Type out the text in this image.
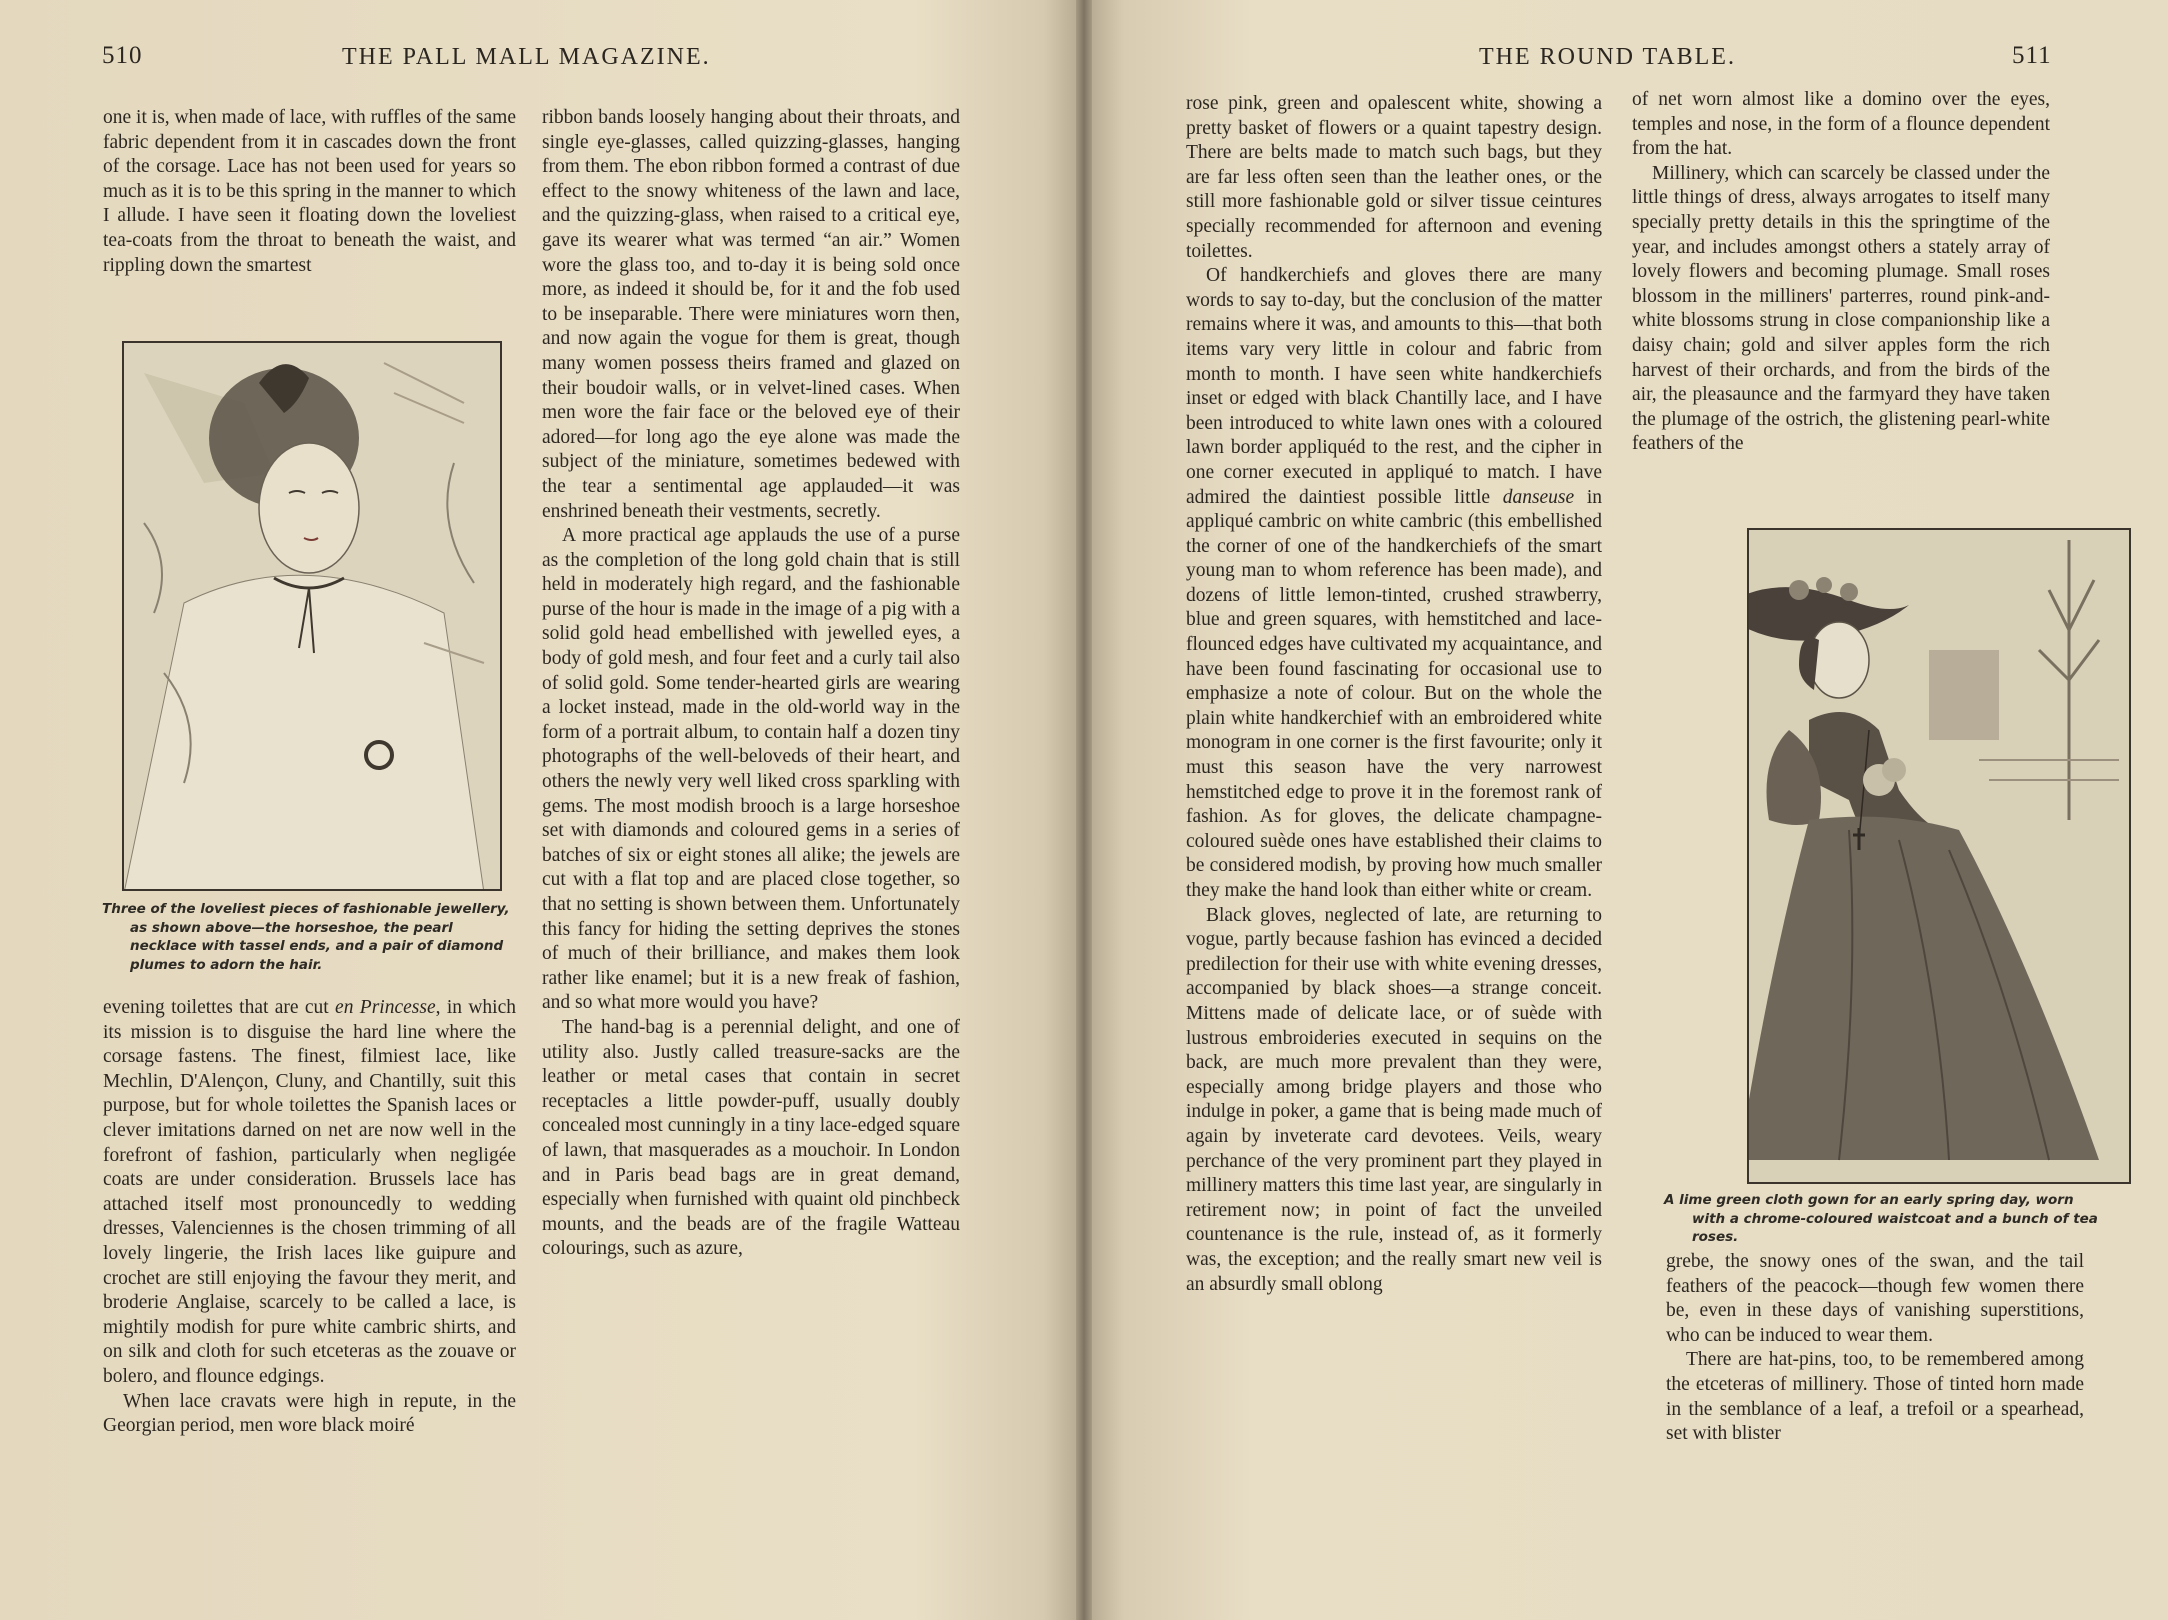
510	THE PALL MALL MAGAZINE.

one it is, when made of lace, with ruffles of the same fabric dependent from it in cascades down the front of the corsage. Lace has not been used for years so much as it is to be this spring in the manner to which I allude. I have seen it floating down the loveliest tea-coats from the throat to beneath the waist, and rippling down the smartest

Three of the loveliest pieces of fashionable jewellery,
as shown above—the horseshoe, the pearl necklace with tassel ends, and a pair of diamond plumes to adorn the hair.

evening toilettes that are cut en Princesse, in which its mission is to disguise the hard line where the corsage fastens. The finest, filmiest lace, like Mechlin, D'Alençon, Cluny, and Chantilly, suit this purpose, but for whole toilettes the Spanish laces or clever imitations darned on net are now well in the forefront of fashion, particularly when negligée coats are under consideration. Brussels lace has attached itself most pronouncedly to wedding dresses, Valenciennes is the chosen trimming of all lovely lingerie, the Irish laces like guipure and crochet are still enjoying the favour they merit, and broderie Anglaise, scarcely to be called a lace, is mightily modish for pure white cambric shirts, and on silk and cloth for such etceteras as the zouave or bolero, and flounce edgings.

When lace cravats were high in repute, in the Georgian period, men wore black moiré

ribbon bands loosely hanging about their throats, and single eye-glasses, called quizzing-glasses, hanging from them. The ebon ribbon formed a contrast of due effect to the snowy whiteness of the lawn and lace, and the quizzing-glass, when raised to a critical eye, gave its wearer what was termed “an air.” Women wore the glass too, and to-day it is being sold once more, as indeed it should be, for it and the fob used to be inseparable. There were miniatures worn then, and now again the vogue for them is great, though many women possess theirs framed and glazed on their boudoir walls, or in velvet-lined cases. When men wore the fair face or the beloved eye of their adored—for long ago the eye alone was made the subject of the miniature, sometimes bedewed with the tear a sentimental age applauded—it was enshrined beneath their vestments, secretly.

A more practical age applauds the use of a purse as the completion of the long gold chain that is still held in moderately high regard, and the fashionable purse of the hour is made in the image of a pig with a solid gold head embellished with jewelled eyes, a body of gold mesh, and four feet and a curly tail also of solid gold. Some tender-hearted girls are wearing a locket instead, made in the old-world way in the form of a portrait album, to contain half a dozen tiny photographs of the well-beloveds of their heart, and others the newly very well liked cross sparkling with gems. The most modish brooch is a large horseshoe set with diamonds and coloured gems in a series of batches of six or eight stones all alike; the jewels are cut with a flat top and are placed close together, so that no setting is shown between them. Unfortunately this fancy for hiding the setting deprives the stones of much of their brilliance, and makes them look rather like enamel; but it is a new freak of fashion, and so what more would you have?

The hand-bag is a perennial delight, and one of utility also. Justly called treasure-sacks are the leather or metal cases that contain in secret receptacles a little powder-puff, usually doubly concealed most cunningly in a tiny lace-edged square of lawn, that masquerades as a mouchoir. In London and in Paris bead bags are in great demand, especially when furnished with quaint old pinchbeck mounts, and the beads are of the fragile Watteau colourings, such as azure,

THE ROUND TABLE.	511

rose pink, green and opalescent white, showing a pretty basket of flowers or a quaint tapestry design. There are belts made to match such bags, but they are far less often seen than the leather ones, or the still more fashionable gold or silver tissue ceintures specially recommended for afternoon and evening toilettes.

Of handkerchiefs and gloves there are many words to say to-day, but the conclusion of the matter remains where it was, and amounts to this—that both items vary very little in colour and fabric from month to month. I have seen white handkerchiefs inset or edged with black Chantilly lace, and I have been introduced to white lawn ones with a coloured lawn border appliquéd to the rest, and the cipher in one corner executed in appliqué to match. I have admired the daintiest possible little danseuse in appliqué cambric on white cambric (this embellished the corner of one of the handkerchiefs of the smart young man to whom reference has been made), and dozens of little lemon-tinted, crushed strawberry, blue and green squares, with hemstitched and lace-flounced edges have cultivated my acquaintance, and have been found fascinating for occasional use to emphasize a note of colour. But on the whole the plain white handkerchief with an embroidered white monogram in one corner is the first favourite; only it must this season have the very narrowest hemstitched edge to prove it in the foremost rank of fashion. As for gloves, the delicate champagne-coloured suède ones have established their claims to be considered modish, by proving how much smaller they make the hand look than either white or cream.

Black gloves, neglected of late, are returning to vogue, partly because fashion has evinced a decided predilection for their use with white evening dresses, accompanied by black shoes—a strange conceit. Mittens made of delicate lace, or of suède with lustrous embroideries executed in sequins on the back, are much more prevalent than they were, especially among bridge players and those who indulge in poker, a game that is being made much of again by inveterate card devotees. Veils, weary perchance of the very prominent part they played in millinery matters this time last year, are singularly in retirement now; in point of fact the unveiled countenance is the rule, instead of, as it formerly was, the exception; and the really smart new veil is an absurdly small oblong

of net worn almost like a domino over the eyes, temples and nose, in the form of a flounce dependent from the hat.

Millinery, which can scarcely be classed under the little things of dress, always arrogates to itself many specially pretty details in this the springtime of the year, and includes amongst others a stately array of lovely flowers and becoming plumage. Small roses blossom in the milliners' parterres, round pink-and-white blossoms strung in close companionship like a daisy chain; gold and silver apples form the rich harvest of their orchards, and from the birds of the air, the pleasaunce and the farmyard they have taken the plumage of the ostrich, the glistening pearl-white feathers of the

A lime green cloth gown for an early spring day, worn
with a chrome-coloured waistcoat and a bunch of tea roses.

grebe, the snowy ones of the swan, and the tail feathers of the peacock—though few women there be, even in these days of vanishing superstitions, who can be induced to wear them.

There are hat-pins, too, to be remembered among the etceteras of millinery. Those of tinted horn made in the semblance of a leaf, a trefoil or a spearhead, set with blister
